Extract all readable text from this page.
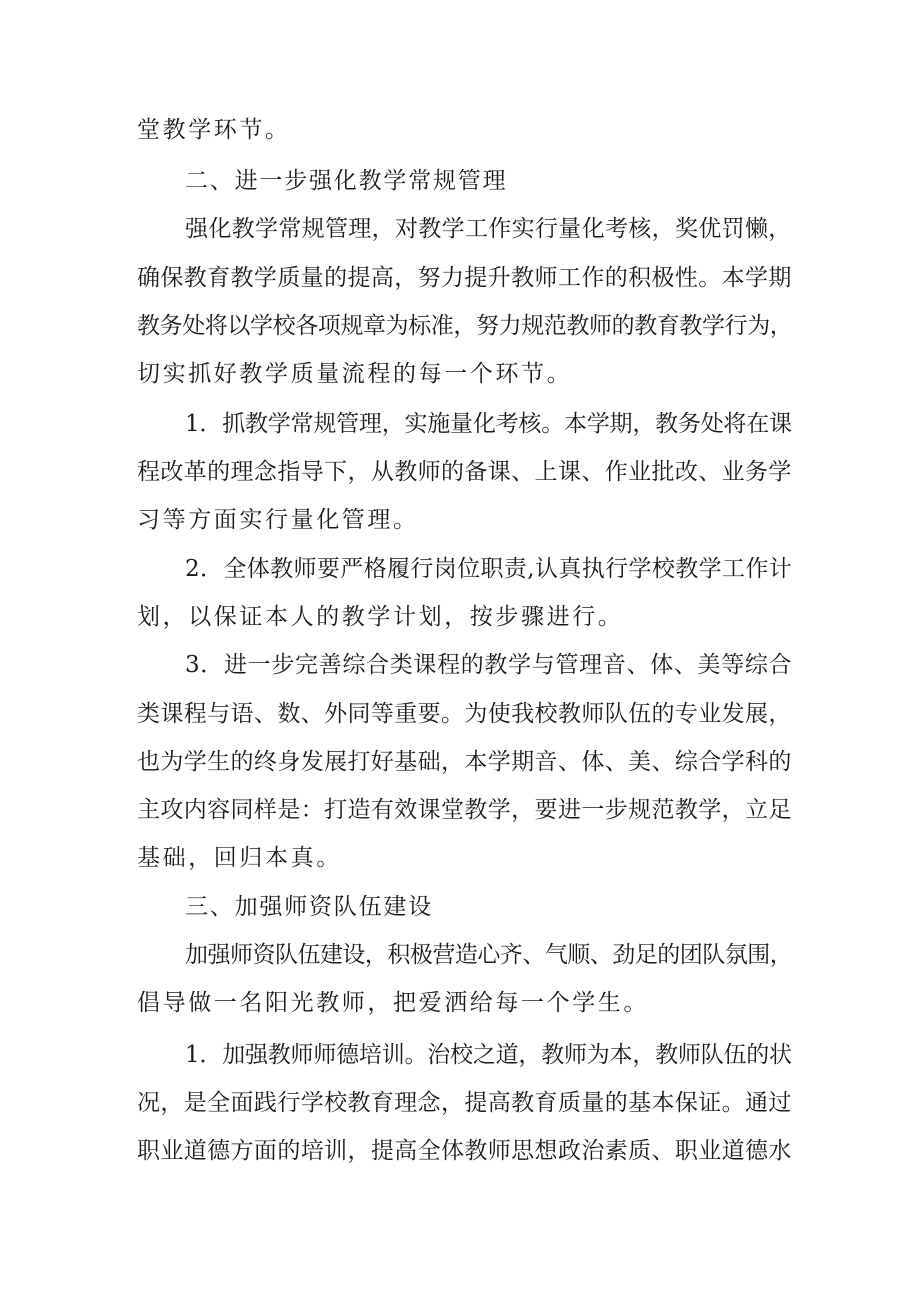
堂教学环节。
二、进一步强化教学常规管理
强化教学常规管理，对教学工作实行量化考核，奖优罚懒，
确保教育教学质量的提高，努力提升教师工作的积极性。本学期
教务处将以学校各项规章为标准，努力规范教师的教育教学行为，
切实抓好教学质量流程的每一个环节。
1．抓教学常规管理，实施量化考核。本学期，教务处将在课
程改革的理念指导下，从教师的备课、上课、作业批改、业务学
习等方面实行量化管理。
2．全体教师要严格履行岗位职责,认真执行学校教学工作计
划，以保证本人的教学计划，按步骤进行。
3．进一步完善综合类课程的教学与管理音、体、美等综合
类课程与语、数、外同等重要。为使我校教师队伍的专业发展，
也为学生的终身发展打好基础，本学期音、体、美、综合学科的
主攻内容同样是：打造有效课堂教学，要进一步规范教学，立足
基础，回归本真。
三、加强师资队伍建设
加强师资队伍建设，积极营造心齐、气顺、劲足的团队氛围，
倡导做一名阳光教师，把爱洒给每一个学生。
1．加强教师师德培训。治校之道，教师为本，教师队伍的状
况，是全面践行学校教育理念，提高教育质量的基本保证。通过
职业道德方面的培训，提高全体教师思想政治素质、职业道德水
